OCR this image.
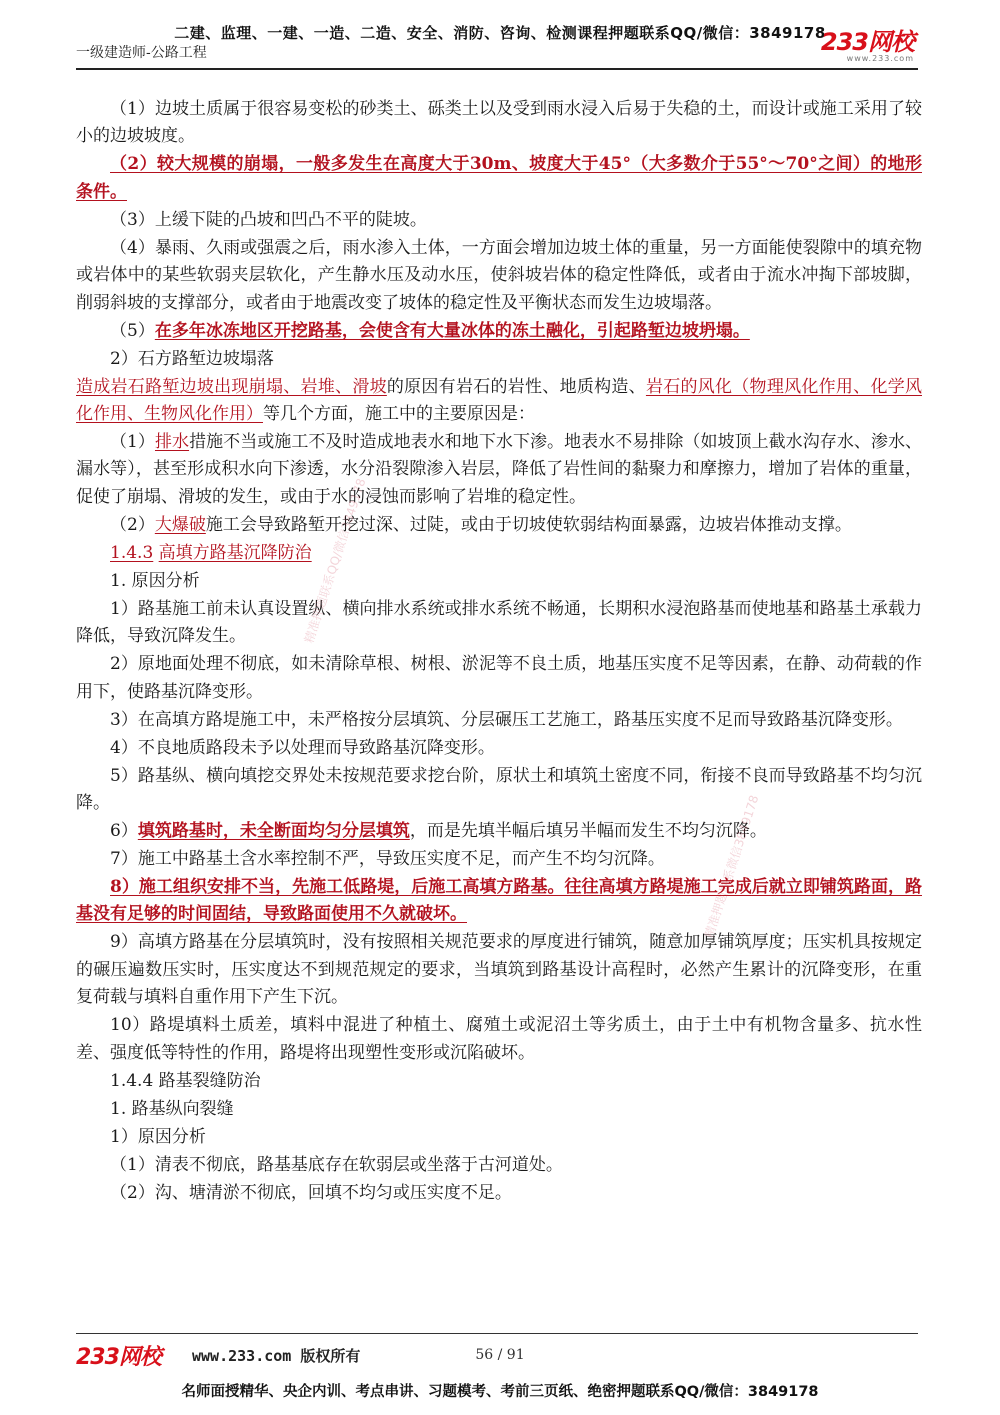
二建、监理、一建、一造、二造、安全、消防、咨询、检测课程押题联系QQ/微信：3849178
一级建造师-公路工程	233网校
www.233.com

（1）边坡土质属于很容易变松的砂类土、砾类土以及受到雨水浸入后易于失稳的土，而设计或施工采用了较小的边坡坡度。

（2）较大规模的崩塌，一般多发生在高度大于30m、坡度大于45°（大多数介于55°～70°之间）的地形条件。

（3）上缓下陡的凸坡和凹凸不平的陡坡。

（4）暴雨、久雨或强震之后，雨水渗入土体，一方面会增加边坡土体的重量，另一方面能使裂隙中的填充物或岩体中的某些软弱夹层软化，产生静水压及动水压，使斜坡岩体的稳定性降低，或者由于流水冲掏下部坡脚，削弱斜坡的支撑部分，或者由于地震改变了坡体的稳定性及平衡状态而发生边坡塌落。

（5）在多年冰冻地区开挖路基，会使含有大量冰体的冻土融化，引起路堑边坡坍塌。

2）石方路堑边坡塌落

造成岩石路堑边坡出现崩塌、岩堆、滑坡的原因有岩石的岩性、地质构造、岩石的风化（物理风化作用、化学风化作用、生物风化作用）等几个方面，施工中的主要原因是：

（1）排水措施不当或施工不及时造成地表水和地下水下渗。地表水不易排除（如坡顶上截水沟存水、渗水、漏水等），甚至形成积水向下渗透，水分沿裂隙渗入岩层，降低了岩性间的黏聚力和摩擦力，增加了岩体的重量，促使了崩塌、滑坡的发生，或由于水的浸蚀而影响了岩堆的稳定性。

（2）大爆破施工会导致路堑开挖过深、过陡，或由于切坡使软弱结构面暴露，边坡岩体推动支撑。

1.4.3 高填方路基沉降防治

1. 原因分析

1）路基施工前未认真设置纵、横向排水系统或排水系统不畅通，长期积水浸泡路基而使地基和路基土承载力降低，导致沉降发生。

2）原地面处理不彻底，如未清除草根、树根、淤泥等不良土质，地基压实度不足等因素，在静、动荷载的作用下，使路基沉降变形。

3）在高填方路堤施工中，未严格按分层填筑、分层碾压工艺施工，路基压实度不足而导致路基沉降变形。

4）不良地质路段未予以处理而导致路基沉降变形。

5）路基纵、横向填挖交界处未按规范要求挖台阶，原状土和填筑土密度不同，衔接不良而导致路基不均匀沉降。

6）填筑路基时，未全断面均匀分层填筑，而是先填半幅后填另半幅而发生不均匀沉降。

7）施工中路基土含水率控制不严，导致压实度不足，而产生不均匀沉降。

8）施工组织安排不当，先施工低路堤，后施工高填方路基。往往高填方路堤施工完成后就立即铺筑路面，路基没有足够的时间固结，导致路面使用不久就破坏。

9）高填方路基在分层填筑时，没有按照相关规范要求的厚度进行铺筑，随意加厚铺筑厚度；压实机具按规定的碾压遍数压实时，压实度达不到规范规定的要求，当填筑到路基设计高程时，必然产生累计的沉降变形，在重复荷载与填料自重作用下产生下沉。

10）路堤填料土质差，填料中混进了种植土、腐殖土或泥沼土等劣质土，由于土中有机物含量多、抗水性差、强度低等特性的作用，路堤将出现塑性变形或沉陷破坏。

1.4.4 路基裂缝防治

1. 路基纵向裂缝

1）原因分析

（1）清表不彻底，路基基底存在软弱层或坐落于古河道处。

（2）沟、塘清淤不彻底，回填不均匀或压实度不足。

精准押题联系QQ/微信3849178
精准押题联系微信3849178
233网校 www.233.com 版权所有	56 / 91
名师面授精华、央企内训、考点串讲、习题模考、考前三页纸、绝密押题联系QQ/微信：3849178
